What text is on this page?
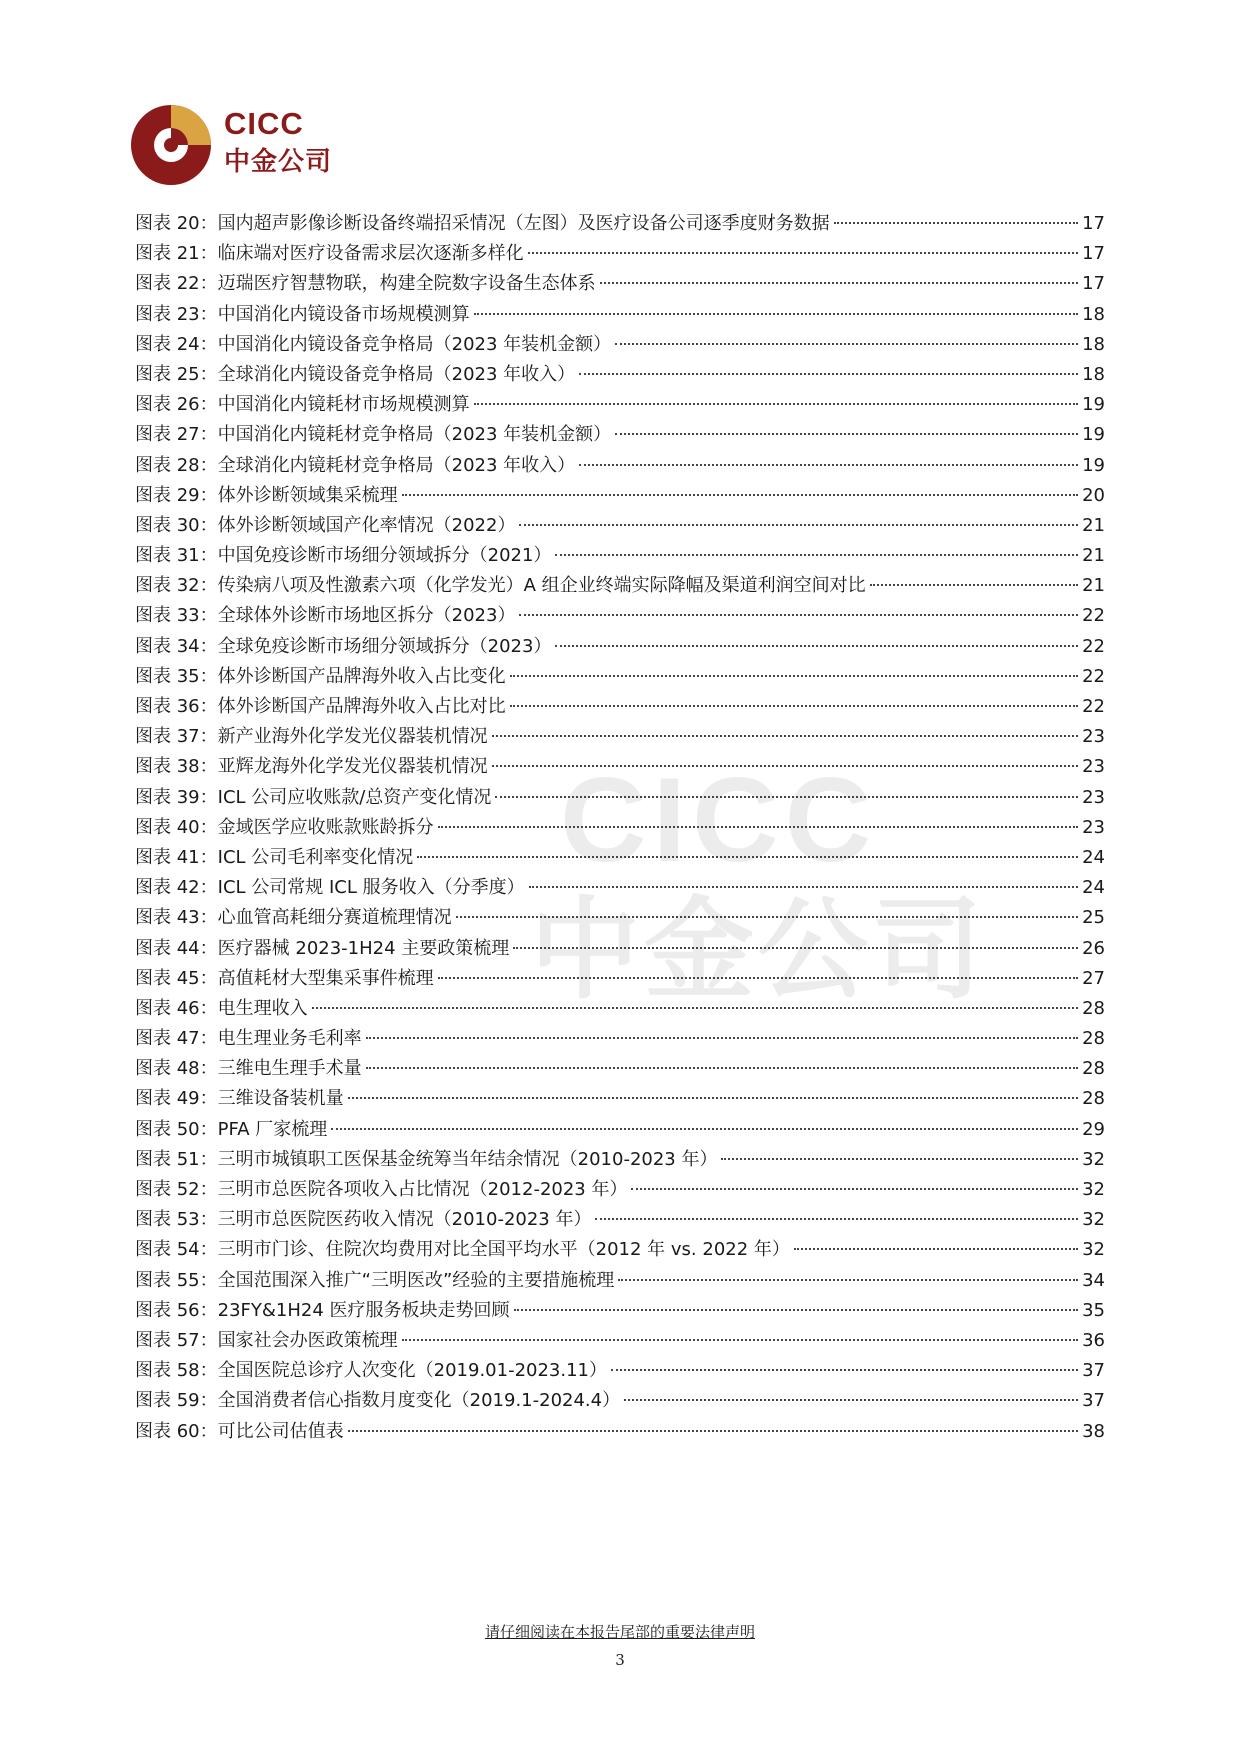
CICC
中金公司
CICC
中金公司
图表 20： 国内超声影像诊断设备终端招采情况（左图）及医疗设备公司逐季度财务数据	17
图表 21： 临床端对医疗设备需求层次逐渐多样化	17
图表 22： 迈瑞医疗智慧物联，构建全院数字设备生态体系	17
图表 23： 中国消化内镜设备市场规模测算	18
图表 24： 中国消化内镜设备竞争格局（2023 年装机金额）	18
图表 25： 全球消化内镜设备竞争格局（2023 年收入）	18
图表 26： 中国消化内镜耗材市场规模测算	19
图表 27： 中国消化内镜耗材竞争格局（2023 年装机金额）	19
图表 28： 全球消化内镜耗材竞争格局（2023 年收入）	19
图表 29： 体外诊断领域集采梳理	20
图表 30： 体外诊断领域国产化率情况（2022）	21
图表 31： 中国免疫诊断市场细分领域拆分（2021）	21
图表 32： 传染病八项及性激素六项（化学发光）A 组企业终端实际降幅及渠道利润空间对比	21
图表 33： 全球体外诊断市场地区拆分（2023）	22
图表 34： 全球免疫诊断市场细分领域拆分（2023）	22
图表 35： 体外诊断国产品牌海外收入占比变化	22
图表 36： 体外诊断国产品牌海外收入占比对比	22
图表 37： 新产业海外化学发光仪器装机情况	23
图表 38： 亚辉龙海外化学发光仪器装机情况	23
图表 39： ICL 公司应收账款/总资产变化情况	23
图表 40： 金域医学应收账款账龄拆分	23
图表 41： ICL 公司毛利率变化情况	24
图表 42： ICL 公司常规 ICL 服务收入（分季度）	24
图表 43： 心血管高耗细分赛道梳理情况	25
图表 44： 医疗器械 2023-1H24 主要政策梳理	26
图表 45： 高值耗材大型集采事件梳理	27
图表 46： 电生理收入	28
图表 47： 电生理业务毛利率	28
图表 48： 三维电生理手术量	28
图表 49： 三维设备装机量	28
图表 50： PFA 厂家梳理	29
图表 51： 三明市城镇职工医保基金统筹当年结余情况（2010-2023 年）	32
图表 52： 三明市总医院各项收入占比情况（2012-2023 年）	32
图表 53： 三明市总医院医药收入情况（2010-2023 年）	32
图表 54： 三明市门诊、住院次均费用对比全国平均水平（2012 年 vs. 2022 年）	32
图表 55： 全国范围深入推广“三明医改”经验的主要措施梳理	34
图表 56： 23FY&1H24 医疗服务板块走势回顾	35
图表 57： 国家社会办医政策梳理	36
图表 58： 全国医院总诊疗人次变化（2019.01-2023.11）	37
图表 59： 全国消费者信心指数月度变化（2019.1-2024.4）	37
图表 60： 可比公司估值表	38
请仔细阅读在本报告尾部的重要法律声明
3
